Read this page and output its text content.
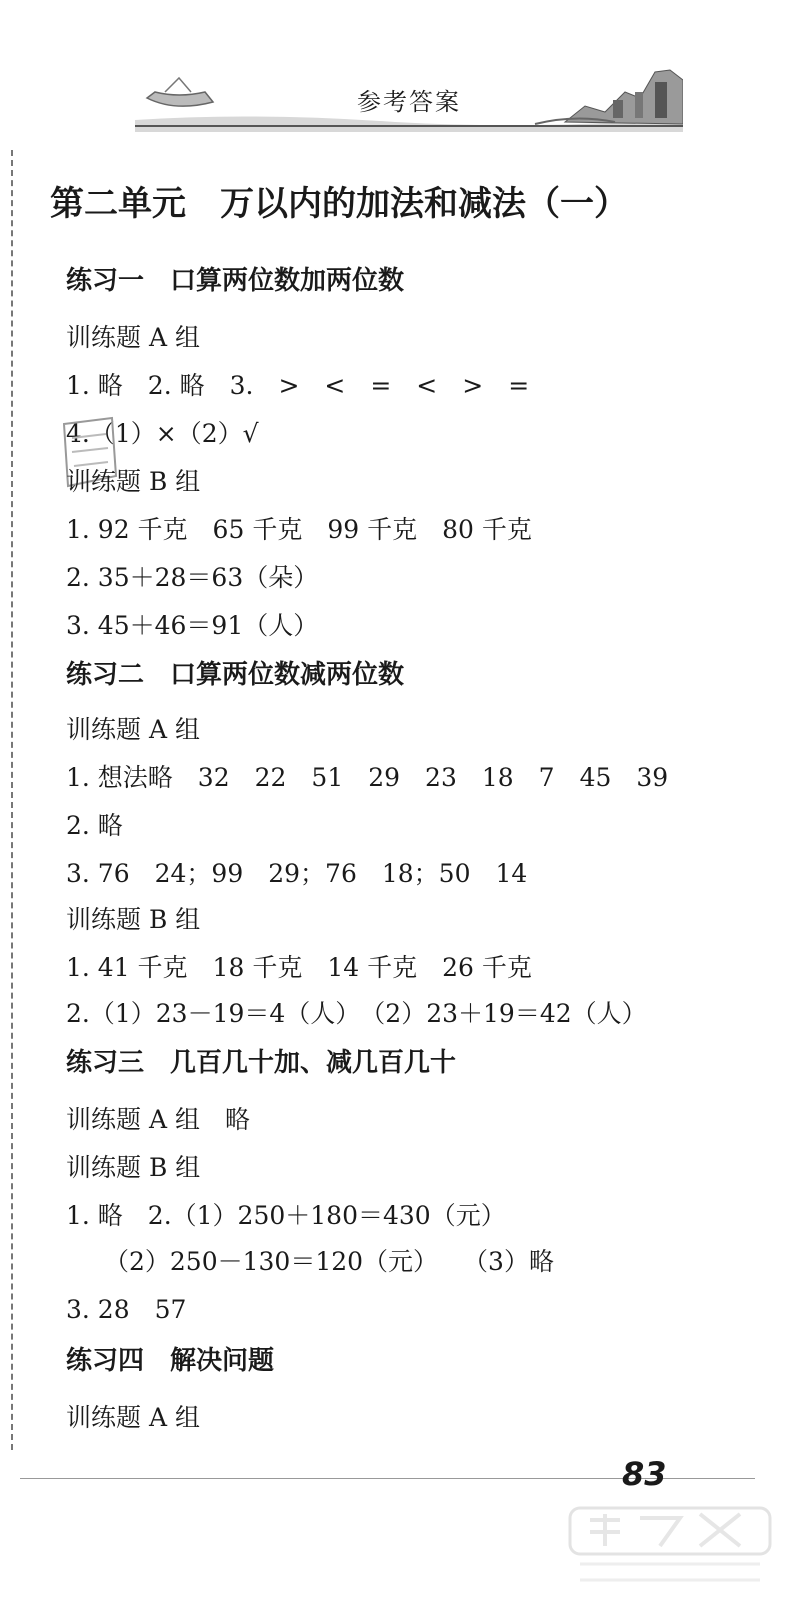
参考答案
第二单元　万以内的加法和减法（一）
练习一　口算两位数加两位数
训练题 A 组
1. 略　2. 略　3.　>　<　=　<　>　=
4.（1）×（2）√
训练题 B 组
1. 92 千克　65 千克　99 千克　80 千克
2. 35＋28＝63（朵）
3. 45＋46＝91（人）
练习二　口算两位数减两位数
训练题 A 组
1. 想法略　32　22　51　29　23　18　7　45　39
2. 略
3. 76　24；99　29；76　18；50　14
训练题 B 组
1. 41 千克　18 千克　14 千克　26 千克
2.（1）23－19＝4（人）　（2）23＋19＝42（人）
练习三　几百几十加、减几百几十
训练题 A 组　略
训练题 B 组
1. 略　2.（1）250＋180＝430（元）
（2）250－130＝120（元）　　（3）略
3. 28　57
练习四　解决问题
训练题 A 组
83
